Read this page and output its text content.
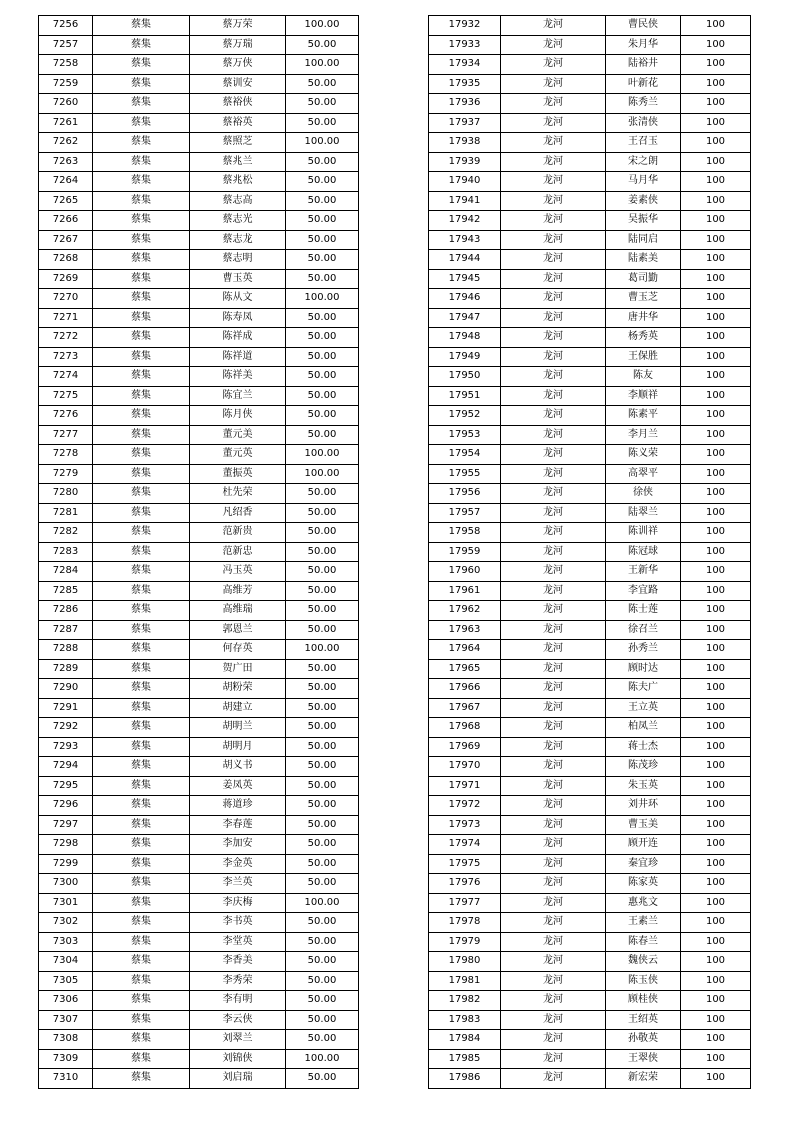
7256	蔡集	蔡万荣	100.00
7257	蔡集	蔡万瑞	50.00
7258	蔡集	蔡万侠	100.00
7259	蔡集	蔡训安	50.00
7260	蔡集	蔡裕侠	50.00
7261	蔡集	蔡裕英	50.00
7262	蔡集	蔡照芝	100.00
7263	蔡集	蔡兆兰	50.00
7264	蔡集	蔡兆松	50.00
7265	蔡集	蔡志高	50.00
7266	蔡集	蔡志光	50.00
7267	蔡集	蔡志龙	50.00
7268	蔡集	蔡志明	50.00
7269	蔡集	曹玉英	50.00
7270	蔡集	陈从文	100.00
7271	蔡集	陈寿凤	50.00
7272	蔡集	陈祥成	50.00
7273	蔡集	陈祥道	50.00
7274	蔡集	陈祥美	50.00
7275	蔡集	陈宜兰	50.00
7276	蔡集	陈月侠	50.00
7277	蔡集	董元美	50.00
7278	蔡集	董元英	100.00
7279	蔡集	董振英	100.00
7280	蔡集	杜先荣	50.00
7281	蔡集	凡绍香	50.00
7282	蔡集	范新贵	50.00
7283	蔡集	范新忠	50.00
7284	蔡集	冯玉英	50.00
7285	蔡集	高维芳	50.00
7286	蔡集	高维瑞	50.00
7287	蔡集	郭恩兰	50.00
7288	蔡集	何存英	100.00
7289	蔡集	贺广田	50.00
7290	蔡集	胡粉荣	50.00
7291	蔡集	胡建立	50.00
7292	蔡集	胡明兰	50.00
7293	蔡集	胡明月	50.00
7294	蔡集	胡义书	50.00
7295	蔡集	姜凤英	50.00
7296	蔡集	蒋道珍	50.00
7297	蔡集	李春莲	50.00
7298	蔡集	李加安	50.00
7299	蔡集	李金英	50.00
7300	蔡集	李兰英	50.00
7301	蔡集	李庆梅	100.00
7302	蔡集	李书英	50.00
7303	蔡集	李堂英	50.00
7304	蔡集	李香美	50.00
7305	蔡集	李秀荣	50.00
7306	蔡集	李有明	50.00
7307	蔡集	李云侠	50.00
7308	蔡集	刘翠兰	50.00
7309	蔡集	刘锦侠	100.00
7310	蔡集	刘启瑞	50.00
17932	龙河	曹民侠	100
17933	龙河	朱月华	100
17934	龙河	陆裕井	100
17935	龙河	叶新花	100
17936	龙河	陈秀兰	100
17937	龙河	张清侠	100
17938	龙河	王召玉	100
17939	龙河	宋之朗	100
17940	龙河	马月华	100
17941	龙河	姜素侠	100
17942	龙河	吴振华	100
17943	龙河	陆同启	100
17944	龙河	陆素美	100
17945	龙河	葛司勤	100
17946	龙河	曹玉芝	100
17947	龙河	唐井华	100
17948	龙河	杨秀英	100
17949	龙河	王保胜	100
17950	龙河	陈友	100
17951	龙河	李顺祥	100
17952	龙河	陈素平	100
17953	龙河	李月兰	100
17954	龙河	陈义荣	100
17955	龙河	高翠平	100
17956	龙河	徐侠	100
17957	龙河	陆翠兰	100
17958	龙河	陈训祥	100
17959	龙河	陈冠球	100
17960	龙河	王新华	100
17961	龙河	李宜路	100
17962	龙河	陈士莲	100
17963	龙河	徐召兰	100
17964	龙河	孙秀兰	100
17965	龙河	顾时达	100
17966	龙河	陈夫广	100
17967	龙河	王立英	100
17968	龙河	柏凤兰	100
17969	龙河	蒋士杰	100
17970	龙河	陈茂珍	100
17971	龙河	朱玉英	100
17972	龙河	刘井环	100
17973	龙河	曹玉美	100
17974	龙河	顾开连	100
17975	龙河	秦宜珍	100
17976	龙河	陈家英	100
17977	龙河	惠兆文	100
17978	龙河	王素兰	100
17979	龙河	陈春兰	100
17980	龙河	魏侠云	100
17981	龙河	陈玉侠	100
17982	龙河	顾桂侠	100
17983	龙河	王绍英	100
17984	龙河	孙敬英	100
17985	龙河	王翠侠	100
17986	龙河	新宏荣	100
